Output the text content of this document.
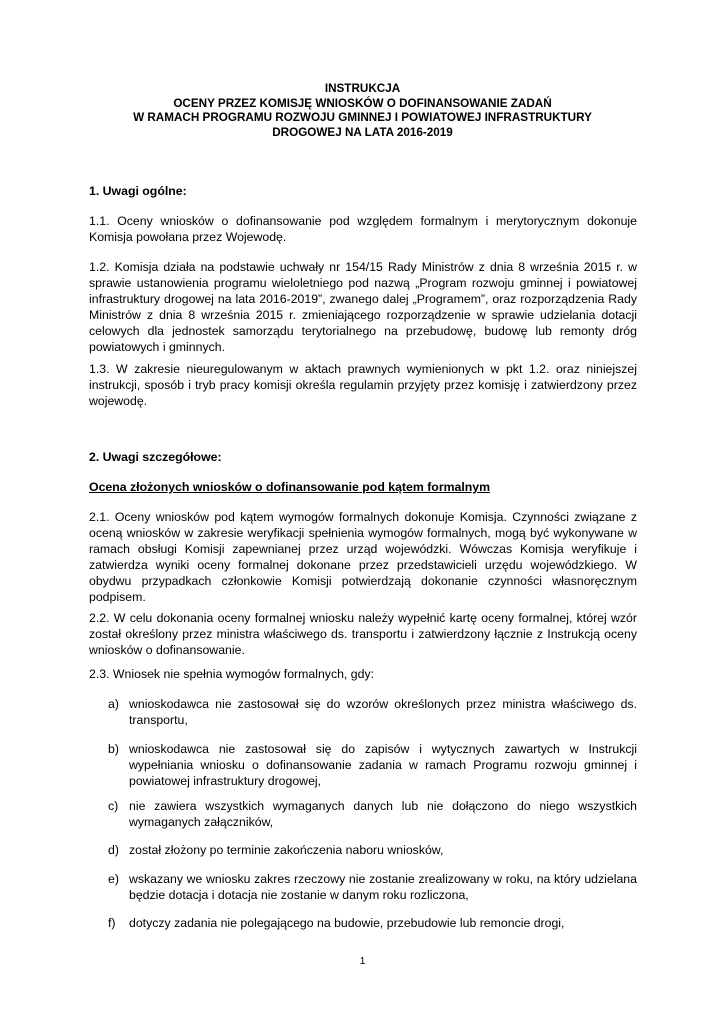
INSTRUKCJA
OCENY PRZEZ KOMISJĘ WNIOSKÓW O DOFINANSOWANIE ZADAŃ
W RAMACH PROGRAMU ROZWOJU GMINNEJ I POWIATOWEJ INFRASTRUKTURY
DROGOWEJ NA LATA 2016-2019
1. Uwagi ogólne:
1.1. Oceny wniosków o dofinansowanie pod względem formalnym i merytorycznym dokonuje Komisja powołana przez Wojewodę.
1.2. Komisja działa na podstawie uchwały nr 154/15 Rady Ministrów z dnia 8 września 2015 r. w sprawie ustanowienia programu wieloletniego pod nazwą „Program rozwoju gminnej i powiatowej infrastruktury drogowej na lata 2016-2019”, zwanego dalej „Programem”, oraz rozporządzenia Rady Ministrów z dnia 8 września 2015 r. zmieniającego rozporządzenie w sprawie udzielania dotacji celowych dla jednostek samorządu terytorialnego na przebudowę, budowę lub remonty dróg powiatowych i gminnych.
1.3. W zakresie nieuregulowanym w aktach prawnych wymienionych w pkt 1.2. oraz niniejszej instrukcji, sposób i tryb pracy komisji określa regulamin przyjęty przez komisję i zatwierdzony przez wojewodę.
2. Uwagi szczegółowe:
Ocena złożonych wniosków o dofinansowanie pod kątem formalnym
2.1. Oceny wniosków pod kątem wymogów formalnych dokonuje Komisja. Czynności związane z oceną wniosków w zakresie weryfikacji spełnienia wymogów formalnych, mogą być wykonywane w ramach obsługi Komisji zapewnianej przez urząd wojewódzki. Wówczas Komisja weryfikuje i zatwierdza wyniki oceny formalnej dokonane przez przedstawicieli urzędu wojewódzkiego. W obydwu przypadkach członkowie Komisji potwierdzają dokonanie czynności własnoręcznym podpisem.
2.2. W celu dokonania oceny formalnej wniosku należy wypełnić kartę oceny formalnej, której wzór został określony przez ministra właściwego ds. transportu i zatwierdzony łącznie z Instrukcją oceny wniosków o dofinansowanie.
2.3. Wniosek nie spełnia wymogów formalnych, gdy:
a) wnioskodawca nie zastosował się do wzorów określonych przez ministra właściwego ds. transportu,
b) wnioskodawca nie zastosował się do zapisów i wytycznych zawartych w Instrukcji wypełniania wniosku o dofinansowanie zadania w ramach Programu rozwoju gminnej i powiatowej infrastruktury drogowej,
c) nie zawiera wszystkich wymaganych danych lub nie dołączono do niego wszystkich wymaganych załączników,
d) został złożony po terminie zakończenia naboru wniosków,
e) wskazany we wniosku zakres rzeczowy nie zostanie zrealizowany w roku, na który udzielana będzie dotacja i dotacja nie zostanie w danym roku rozliczona,
f) dotyczy zadania nie polegającego na budowie, przebudowie lub remoncie drogi,
1
